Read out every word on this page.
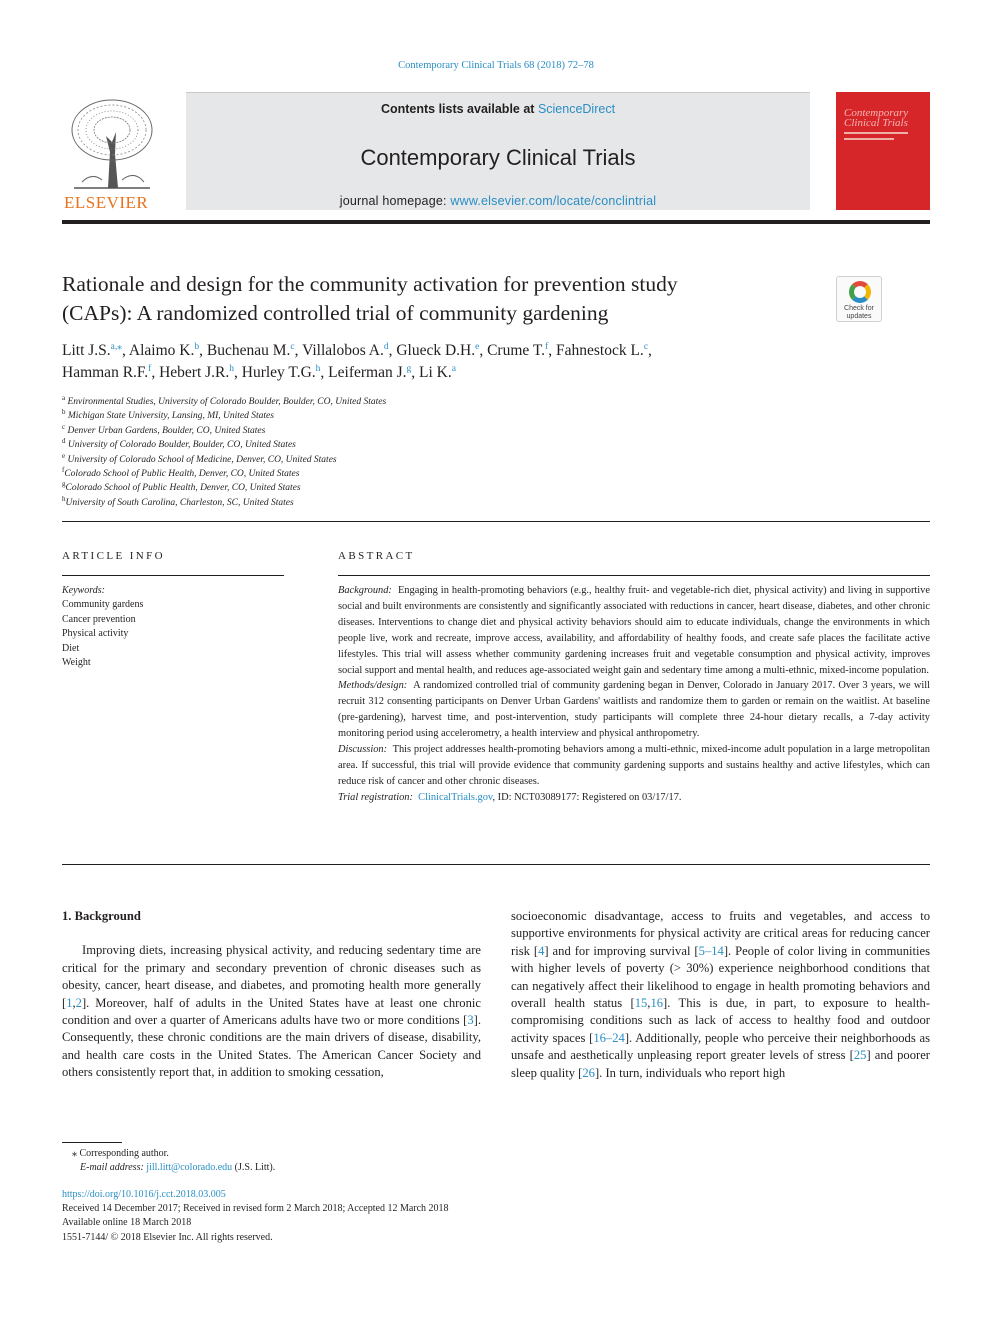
Contemporary Clinical Trials 68 (2018) 72–78
ELSEVIER
Contents lists available at ScienceDirect
Contemporary Clinical Trials
journal homepage: www.elsevier.com/locate/conclintrial
Contemporary Clinical Trials
Rationale and design for the community activation for prevention study
(CAPs): A randomized controlled trial of community gardening	Check for updates
Litt J.S.$^{a,⁎}$, Alaimo K.$^b$, Buchenau M.$^c$, Villalobos A.$^d$, Glueck D.H.$^e$, Crume T.$^f$, Fahnestock L.$^c$,
Hamman R.F.$^f$, Hebert J.R.$^h$, Hurley T.G.$^h$, Leiferman J.$^g$, Li K.$^a$
$^a$ Environmental Studies, University of Colorado Boulder, Boulder, CO, United States
$^b$ Michigan State University, Lansing, MI, United States
$^c$ Denver Urban Gardens, Boulder, CO, United States
$^d$ University of Colorado Boulder, Boulder, CO, United States
$^e$ University of Colorado School of Medicine, Denver, CO, United States
$^f$Colorado School of Public Health, Denver, CO, United States
$^g$Colorado School of Public Health, Denver, CO, United States
$^h$University of South Carolina, Charleston, SC, United States
ARTICLE INFO	ABSTRACT
Keywords:
Community gardens
Cancer prevention
Physical activity
Diet
Weight

Background: Engaging in health-promoting behaviors (e.g., healthy fruit- and vegetable-rich diet, physical activity) and living in supportive social and built environments are consistently and significantly associated with reductions in cancer, heart disease, diabetes, and other chronic diseases. Interventions to change diet and physical activity behaviors should aim to educate individuals, change the environments in which people live, work and recreate, improve access, availability, and affordability of healthy foods, and create safe places the facilitate active lifestyles. This trial will assess whether community gardening increases fruit and vegetable consumption and physical activity, improves social support and mental health, and reduces age-associated weight gain and sedentary time among a multi-ethnic, mixed-income population.

Methods/design: A randomized controlled trial of community gardening began in Denver, Colorado in January 2017. Over 3 years, we will recruit 312 consenting participants on Denver Urban Gardens' waitlists and randomize them to garden or remain on the waitlist. At baseline (pre-gardening), harvest time, and post-intervention, study participants will complete three 24-hour dietary recalls, a 7-day activity monitoring period using accelerometry, a health interview and physical anthropometry.

Discussion: This project addresses health-promoting behaviors among a multi-ethnic, mixed-income adult population in a large metropolitan area. If successful, this trial will provide evidence that community gardening supports and sustains healthy and active lifestyles, which can reduce risk of cancer and other chronic diseases.

Trial registration: ClinicalTrials.gov, ID: NCT03089177: Registered on 03/17/17.

1. Background

Improving diets, increasing physical activity, and reducing sedentary time are critical for the primary and secondary prevention of chronic diseases such as obesity, cancer, heart disease, and diabetes, and promoting health more generally [1,2]. Moreover, half of adults in the United States have at least one chronic condition and over a quarter of Americans adults have two or more conditions [3]. Consequently, these chronic conditions are the main drivers of disease, disability, and health care costs in the United States. The American Cancer Society and others consistently report that, in addition to smoking cessation,

socioeconomic disadvantage, access to fruits and vegetables, and access to supportive environments for physical activity are critical areas for reducing cancer risk [4] and for improving survival [5–14]. People of color living in communities with higher levels of poverty (> 30%) experience neighborhood conditions that can negatively affect their likelihood to engage in health promoting behaviors and overall health status [15,16]. This is due, in part, to exposure to health-compromising conditions such as lack of access to healthy food and outdoor activity spaces [16–24]. Additionally, people who perceive their neighborhoods as unsafe and aesthetically unpleasing report greater levels of stress [25] and poorer sleep quality [26]. In turn, individuals who report high

⁎ Corresponding author.
E-mail address: jill.litt@colorado.edu (J.S. Litt).
https://doi.org/10.1016/j.cct.2018.03.005
Received 14 December 2017; Received in revised form 2 March 2018; Accepted 12 March 2018
Available online 18 March 2018
1551-7144/ © 2018 Elsevier Inc. All rights reserved.
